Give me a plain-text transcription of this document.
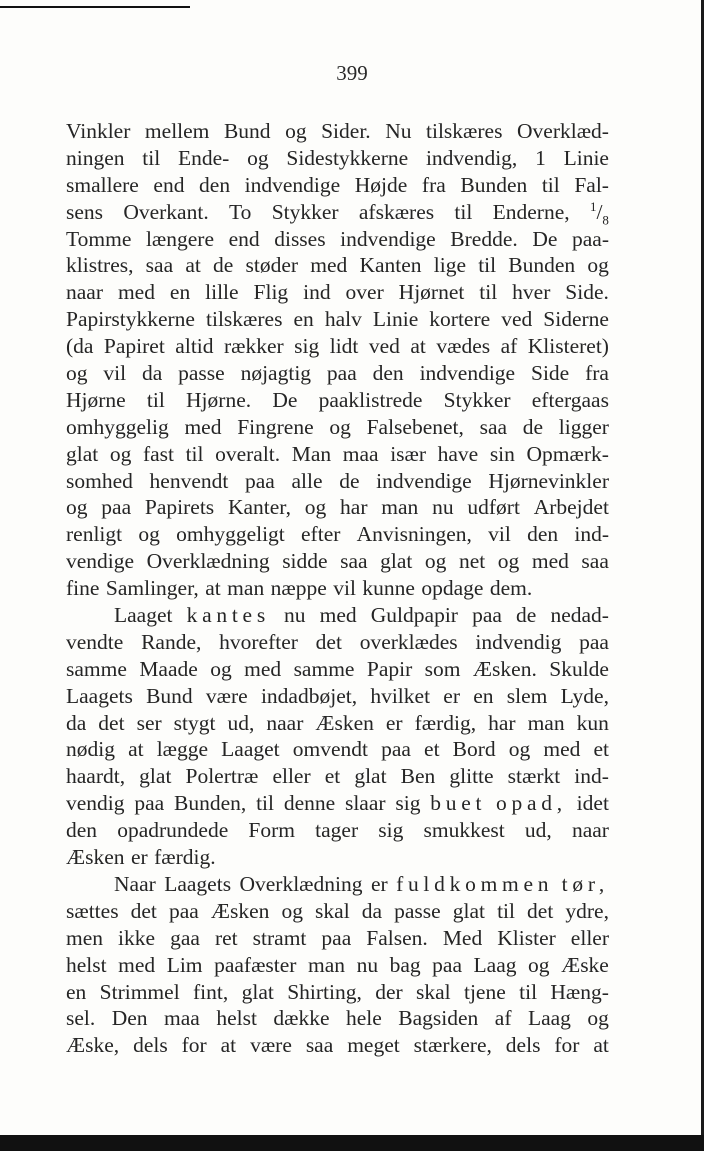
399
Vinkler mellem Bund og Sider. Nu tilskæres Overklæd-
ningen til Ende- og Sidestykkerne indvendig, 1 Linie
smallere end den indvendige Højde fra Bunden til Fal-
sens Overkant. To Stykker afskæres til Enderne, $^1/_8$
Tomme længere end disses indvendige Bredde. De paa-
klistres, saa at de støder med Kanten lige til Bunden og
naar med en lille Flig ind over Hjørnet til hver Side.
Papirstykkerne tilskæres en halv Linie kortere ved Siderne
(da Papiret altid rækker sig lidt ved at vædes af Klisteret)
og vil da passe nøjagtig paa den indvendige Side fra
Hjørne til Hjørne. De paaklistrede Stykker eftergaas
omhyggelig med Fingrene og Falsebenet, saa de ligger
glat og fast til overalt. Man maa især have sin Opmærk-
somhed henvendt paa alle de indvendige Hjørnevinkler
og paa Papirets Kanter, og har man nu udført Arbejdet
renligt og omhyggeligt efter Anvisningen, vil den ind-
vendige Overklædning sidde saa glat og net og med saa
fine Samlinger, at man næppe vil kunne opdage dem.
Laaget kantes nu med Guldpapir paa de nedad-
vendte Rande, hvorefter det overklædes indvendig paa
samme Maade og med samme Papir som Æsken. Skulde
Laagets Bund være indadbøjet, hvilket er en slem Lyde,
da det ser stygt ud, naar Æsken er færdig, har man kun
nødig at lægge Laaget omvendt paa et Bord og med et
haardt, glat Polertræ eller et glat Ben glitte stærkt ind-
vendig paa Bunden, til denne slaar sig buet opad, idet
den opadrundede Form tager sig smukkest ud, naar
Æsken er færdig.
Naar Laagets Overklædning er fuldkommen tør,
sættes det paa Æsken og skal da passe glat til det ydre,
men ikke gaa ret stramt paa Falsen. Med Klister eller
helst med Lim paafæster man nu bag paa Laag og Æske
en Strimmel fint, glat Shirting, der skal tjene til Hæng-
sel. Den maa helst dække hele Bagsiden af Laag og
Æske, dels for at være saa meget stærkere, dels for at
